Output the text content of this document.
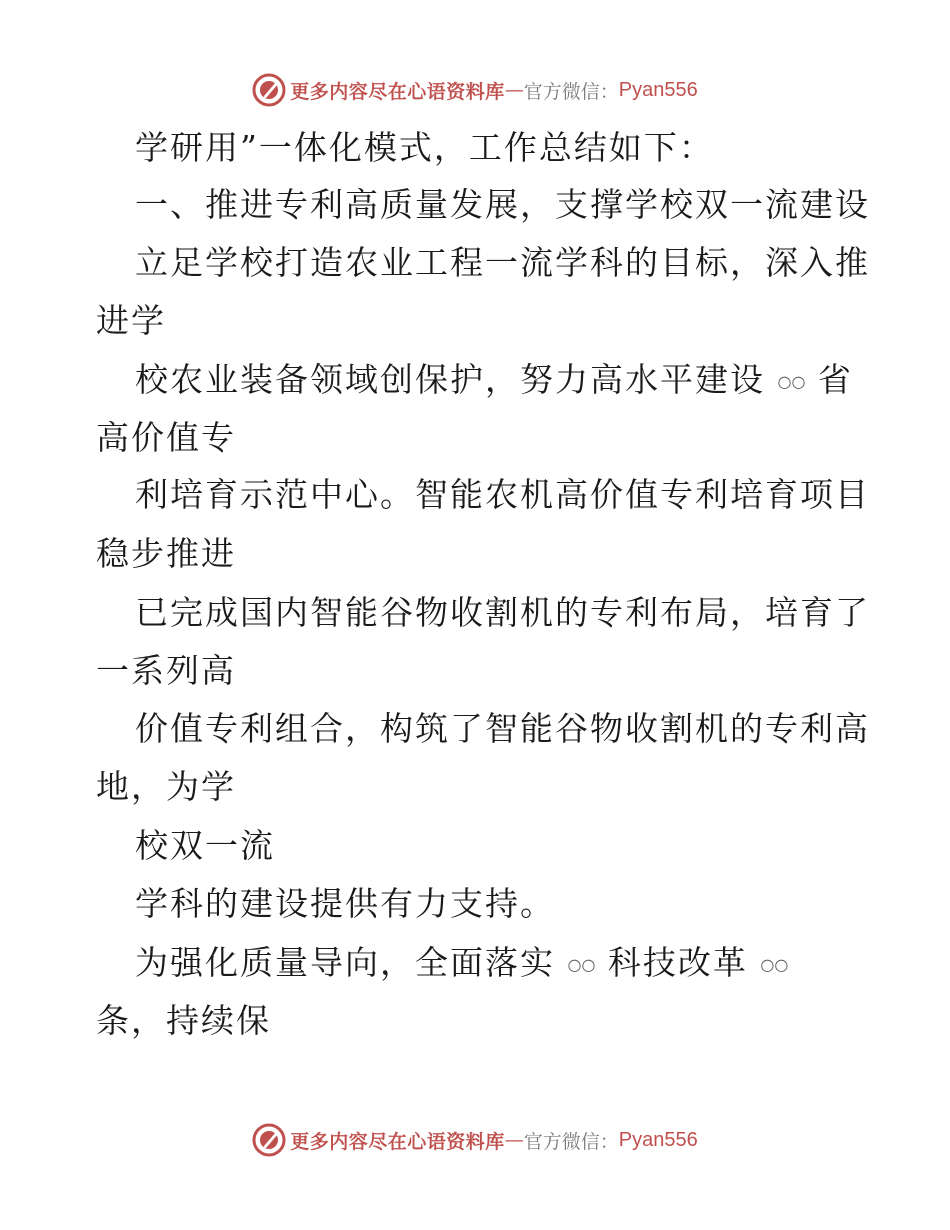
更多内容尽在心语资料库 — 官方微信： Pyan556
学研用”一体化模式，工作总结如下：
一、推进专利高质量发展，支撑学校双一流建设
立足学校打造农业工程一流学科的目标，深入推
进学
校农业装备领域创保护，努力高水平建设 ○○ 省
高价值专
利培育示范中心。智能农机高价值专利培育项目
稳步推进
已完成国内智能谷物收割机的专利布局，培育了
一系列高
价值专利组合，构筑了智能谷物收割机的专利高
地，为学
校双一流
学科的建设提供有力支持。
为强化质量导向，全面落实 ○○ 科技改革 ○○
条，持续保
更多内容尽在心语资料库 — 官方微信： Pyan556
